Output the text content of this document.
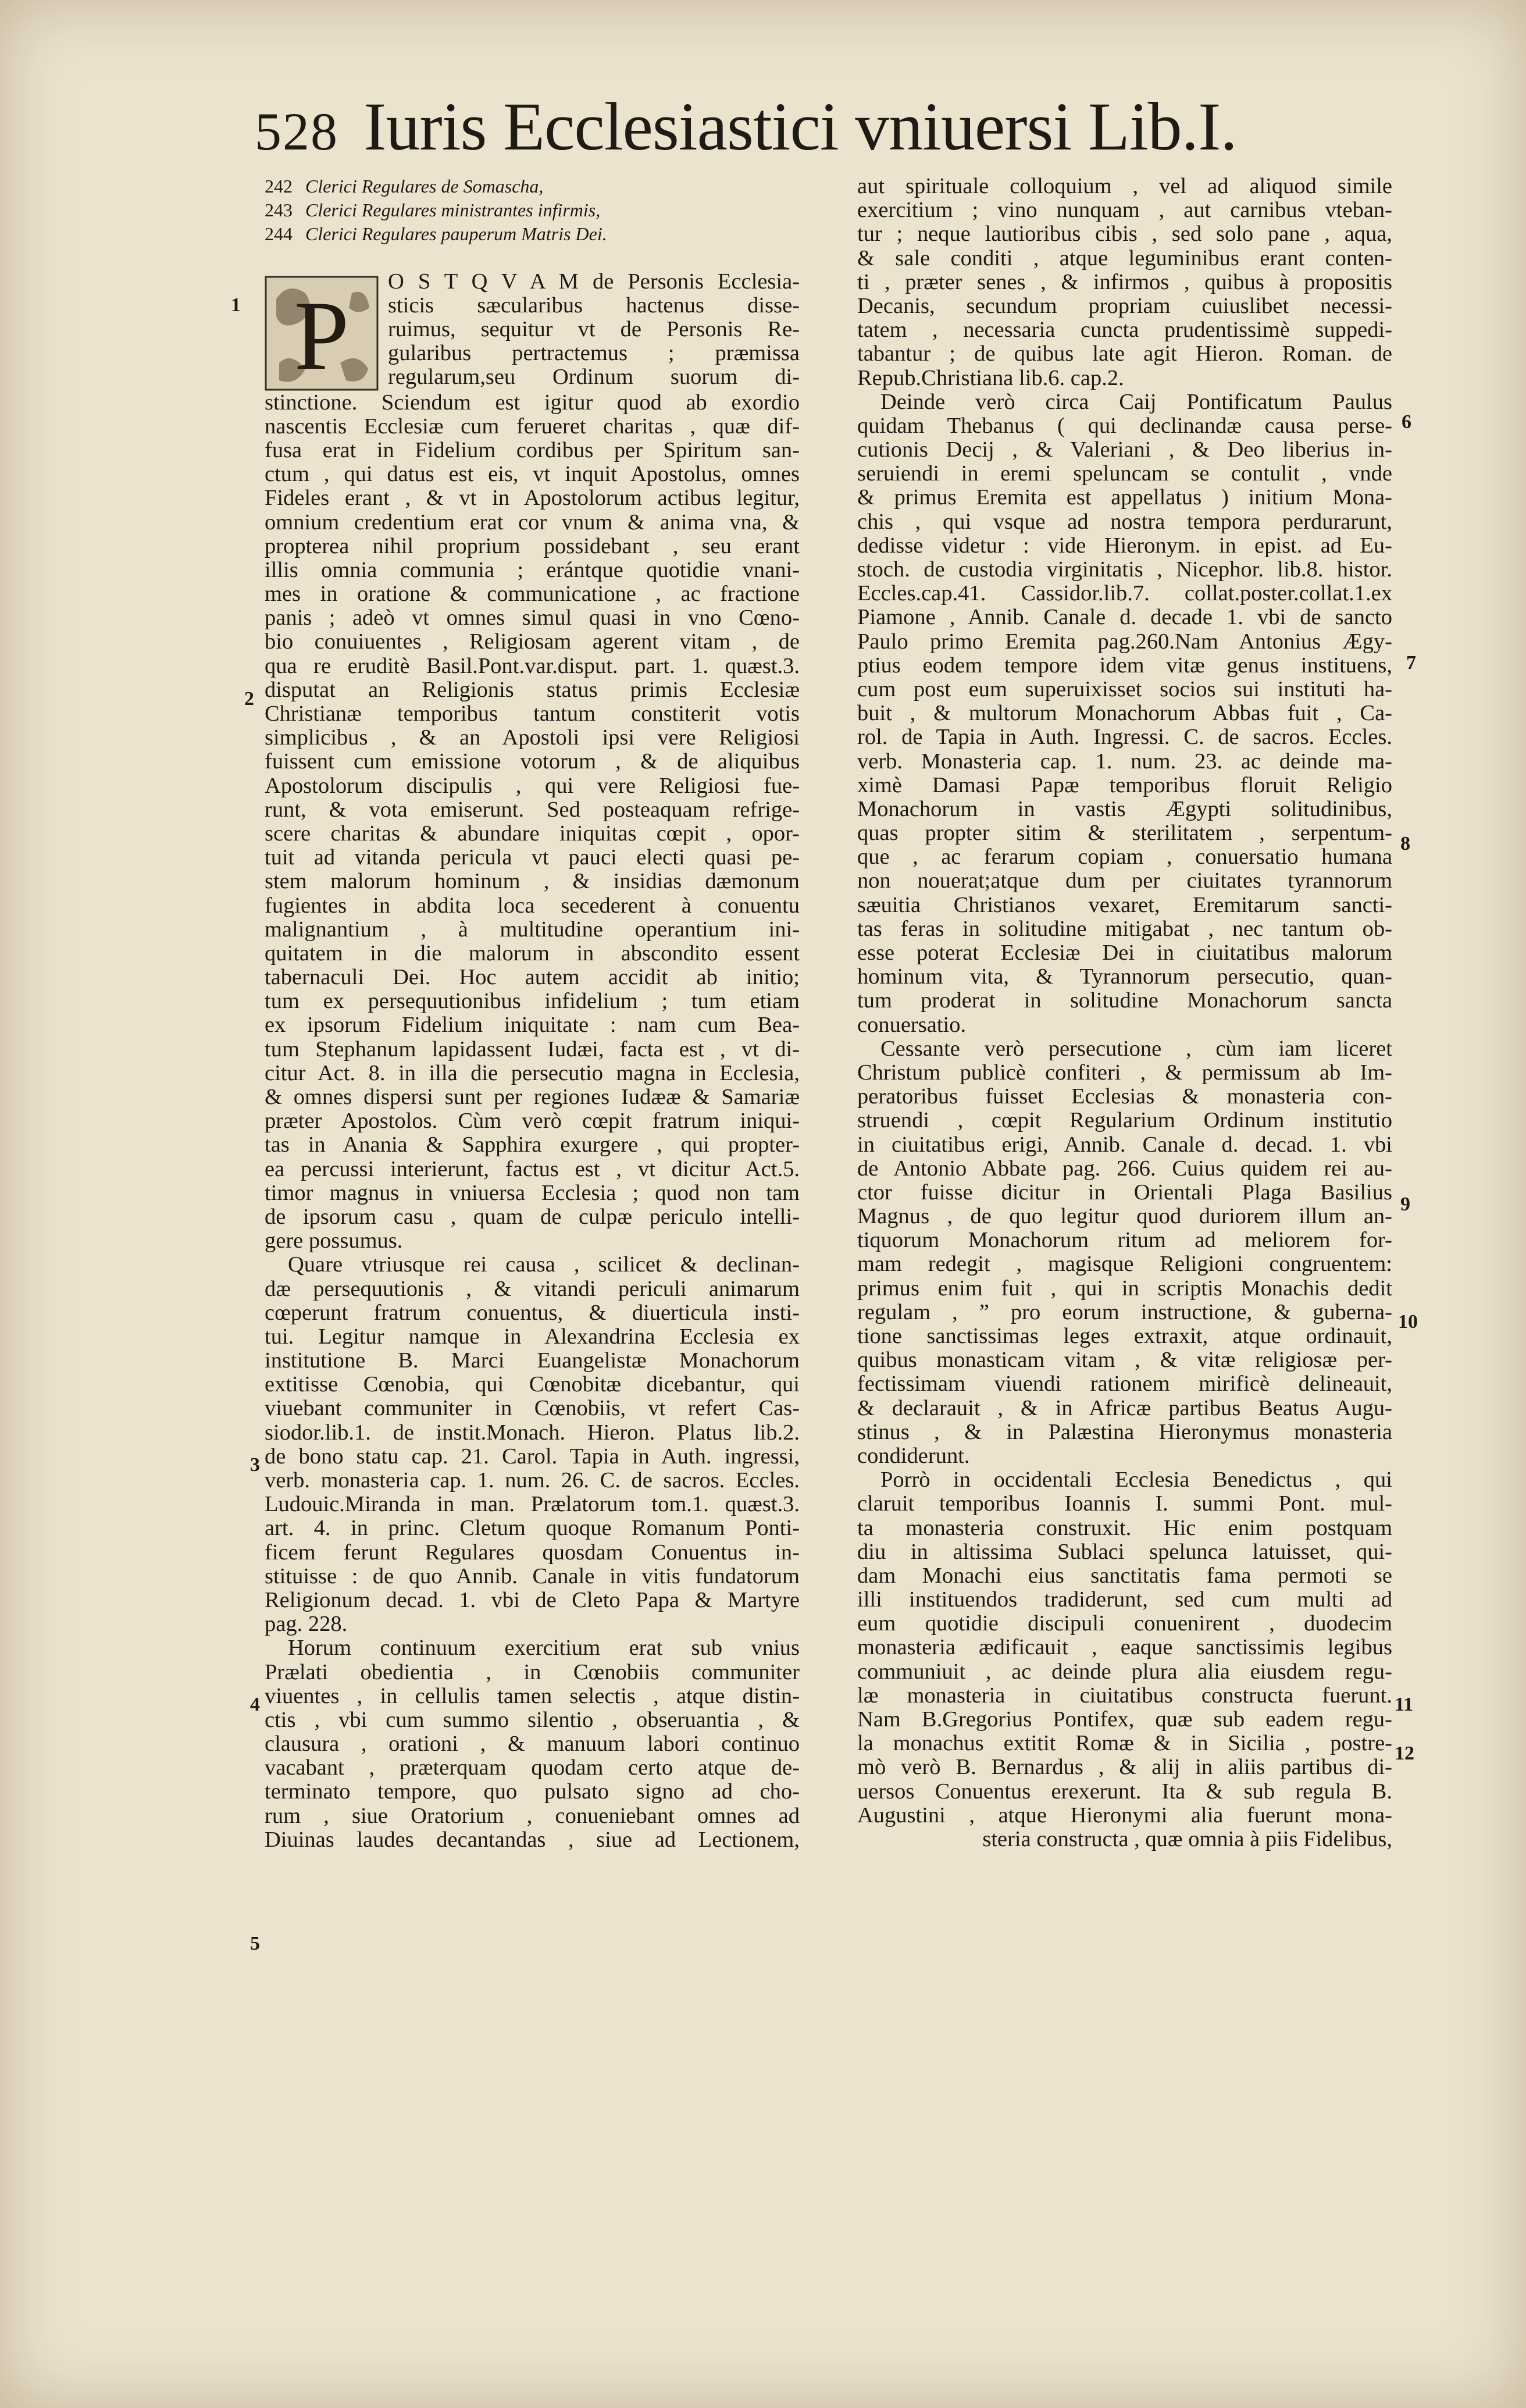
528 Iuris Ecclesiastici vniuersi Lib.I.
1
2
3
4
5
6
7
8
9
10
11
12
242 Clerici Regulares de Somascha,
243 Clerici Regulares ministrantes infirmis,
244 Clerici Regulares pauperum Matris Dei.
P O S T Q V A M de Personis Ecclesia-
sticis sæcularibus hactenus disse-
ruimus, sequitur vt de Personis Re-
gularibus pertractemus ; præmissa
regularum,seu Ordinum suorum di-
stinctione. Sciendum est igitur quod ab exordio
nascentis Ecclesiæ cum ferueret charitas , quæ dif-
fusa erat in Fidelium cordibus per Spiritum san-
ctum , qui datus est eis, vt inquit Apostolus, omnes
Fideles erant , & vt in Apostolorum actibus legitur,
omnium credentium erat cor vnum & anima vna, &
propterea nihil proprium possidebant , seu erant
illis omnia communia ; erántque quotidie vnani-
mes in oratione & communicatione , ac fractione
panis ; adeò vt omnes simul quasi in vno Cœno-
bio conuiuentes , Religiosam agerent vitam , de
qua re eruditè Basil.Pont.var.disput. part. 1. quæst.3.
disputat an Religionis status primis Ecclesiæ
Christianæ temporibus tantum constiterit votis
simplicibus , & an Apostoli ipsi vere Religiosi
fuissent cum emissione votorum , & de aliquibus
Apostolorum discipulis , qui vere Religiosi fue-
runt, & vota emiserunt. Sed posteaquam refrige-
scere charitas & abundare iniquitas cœpit , opor-
tuit ad vitanda pericula vt pauci electi quasi pe-
stem malorum hominum , & insidias dæmonum
fugientes in abdita loca secederent à conuentu
malignantium , à multitudine operantium ini-
quitatem in die malorum in abscondito essent
tabernaculi Dei. Hoc autem accidit ab initio;
tum ex persequutionibus infidelium ; tum etiam
ex ipsorum Fidelium iniquitate : nam cum Bea-
tum Stephanum lapidassent Iudæi, facta est , vt di-
citur Act. 8. in illa die persecutio magna in Ecclesia,
& omnes dispersi sunt per regiones Iudææ & Samariæ
præter Apostolos. Cùm verò cœpit fratrum iniqui-
tas in Anania & Sapphira exurgere , qui propter-
ea percussi interierunt, factus est , vt dicitur Act.5.
timor magnus in vniuersa Ecclesia ; quod non tam
de ipsorum casu , quam de culpæ periculo intelli-
gere possumus.
Quare vtriusque rei causa , scilicet & declinan-
dæ persequutionis , & vitandi periculi animarum
cœperunt fratrum conuentus, & diuerticula insti-
tui. Legitur namque in Alexandrina Ecclesia ex
institutione B. Marci Euangelistæ Monachorum
extitisse Cœnobia, qui Cœnobitæ dicebantur, qui
viuebant communiter in Cœnobiis, vt refert Cas-
siodor.lib.1. de instit.Monach. Hieron. Platus lib.2.
de bono statu cap. 21. Carol. Tapia in Auth. ingressi,
verb. monasteria cap. 1. num. 26. C. de sacros. Eccles.
Ludouic.Miranda in man. Prælatorum tom.1. quæst.3.
art. 4. in princ. Cletum quoque Romanum Ponti-
ficem ferunt Regulares quosdam Conuentus in-
stituisse : de quo Annib. Canale in vitis fundatorum
Religionum decad. 1. vbi de Cleto Papa & Martyre
pag. 228.
Horum continuum exercitium erat sub vnius
Prælati obedientia , in Cœnobiis communiter
viuentes , in cellulis tamen selectis , atque distin-
ctis , vbi cum summo silentio , obseruantia , &
clausura , orationi , & manuum labori continuo
vacabant , præterquam quodam certo atque de-
terminato tempore, quo pulsato signo ad cho-
rum , siue Oratorium , conueniebant omnes ad
Diuinas laudes decantandas , siue ad Lectionem,
aut spirituale colloquium , vel ad aliquod simile
exercitium ; vino nunquam , aut carnibus vteban-
tur ; neque lautioribus cibis , sed solo pane , aqua,
& sale conditi , atque leguminibus erant conten-
ti , præter senes , & infirmos , quibus à propositis
Decanis, secundum propriam cuiuslibet necessi-
tatem , necessaria cuncta prudentissimè suppedi-
tabantur ; de quibus late agit Hieron. Roman. de
Repub.Christiana lib.6. cap.2.
Deinde verò circa Caij Pontificatum Paulus
quidam Thebanus ( qui declinandæ causa perse-
cutionis Decij , & Valeriani , & Deo liberius in-
seruiendi in eremi speluncam se contulit , vnde
& primus Eremita est appellatus ) initium Mona-
chis , qui vsque ad nostra tempora perdurarunt,
dedisse videtur : vide Hieronym. in epist. ad Eu-
stoch. de custodia virginitatis , Nicephor. lib.8. histor.
Eccles.cap.41. Cassidor.lib.7. collat.poster.collat.1.ex
Piamone , Annib. Canale d. decade 1. vbi de sancto
Paulo primo Eremita pag.260.Nam Antonius Ægy-
ptius eodem tempore idem vitæ genus instituens,
cum post eum superuixisset socios sui instituti ha-
buit , & multorum Monachorum Abbas fuit , Ca-
rol. de Tapia in Auth. Ingressi. C. de sacros. Eccles.
verb. Monasteria cap. 1. num. 23. ac deinde ma-
ximè Damasi Papæ temporibus floruit Religio
Monachorum in vastis Ægypti solitudinibus,
quas propter sitim & sterilitatem , serpentum-
que , ac ferarum copiam , conuersatio humana
non nouerat;atque dum per ciuitates tyrannorum
sæuitia Christianos vexaret, Eremitarum sancti-
tas feras in solitudine mitigabat , nec tantum ob-
esse poterat Ecclesiæ Dei in ciuitatibus malorum
hominum vita, & Tyrannorum persecutio, quan-
tum proderat in solitudine Monachorum sancta
conuersatio.
Cessante verò persecutione , cùm iam liceret
Christum publicè confiteri , & permissum ab Im-
peratoribus fuisset Ecclesias & monasteria con-
struendi , cœpit Regularium Ordinum institutio
in ciuitatibus erigi, Annib. Canale d. decad. 1. vbi
de Antonio Abbate pag. 266. Cuius quidem rei au-
ctor fuisse dicitur in Orientali Plaga Basilius
Magnus , de quo legitur quod duriorem illum an-
tiquorum Monachorum ritum ad meliorem for-
mam redegit , magisque Religioni congruentem:
primus enim fuit , qui in scriptis Monachis dedit
regulam , ” pro eorum instructione, & guberna-
tione sanctissimas leges extraxit, atque ordinauit,
quibus monasticam vitam , & vitæ religiosæ per-
fectissimam viuendi rationem mirificè delineauit,
& declarauit , & in Africæ partibus Beatus Augu-
stinus , & in Palæstina Hieronymus monasteria
condiderunt.
Porrò in occidentali Ecclesia Benedictus , qui
claruit temporibus Ioannis I. summi Pont. mul-
ta monasteria construxit. Hic enim postquam
diu in altissima Sublaci spelunca latuisset, qui-
dam Monachi eius sanctitatis fama permoti se
illi instituendos tradiderunt, sed cum multi ad
eum quotidie discipuli conuenirent , duodecim
monasteria ædificauit , eaque sanctissimis legibus
communiuit , ac deinde plura alia eiusdem regu-
læ monasteria in ciuitatibus constructa fuerunt.
Nam B.Gregorius Pontifex, quæ sub eadem regu-
la monachus extitit Romæ & in Sicilia , postre-
mò verò B. Bernardus , & alij in aliis partibus di-
uersos Conuentus erexerunt. Ita & sub regula B.
Augustini , atque Hieronymi alia fuerunt mona-
steria constructa , quæ omnia à piis Fidelibus,
